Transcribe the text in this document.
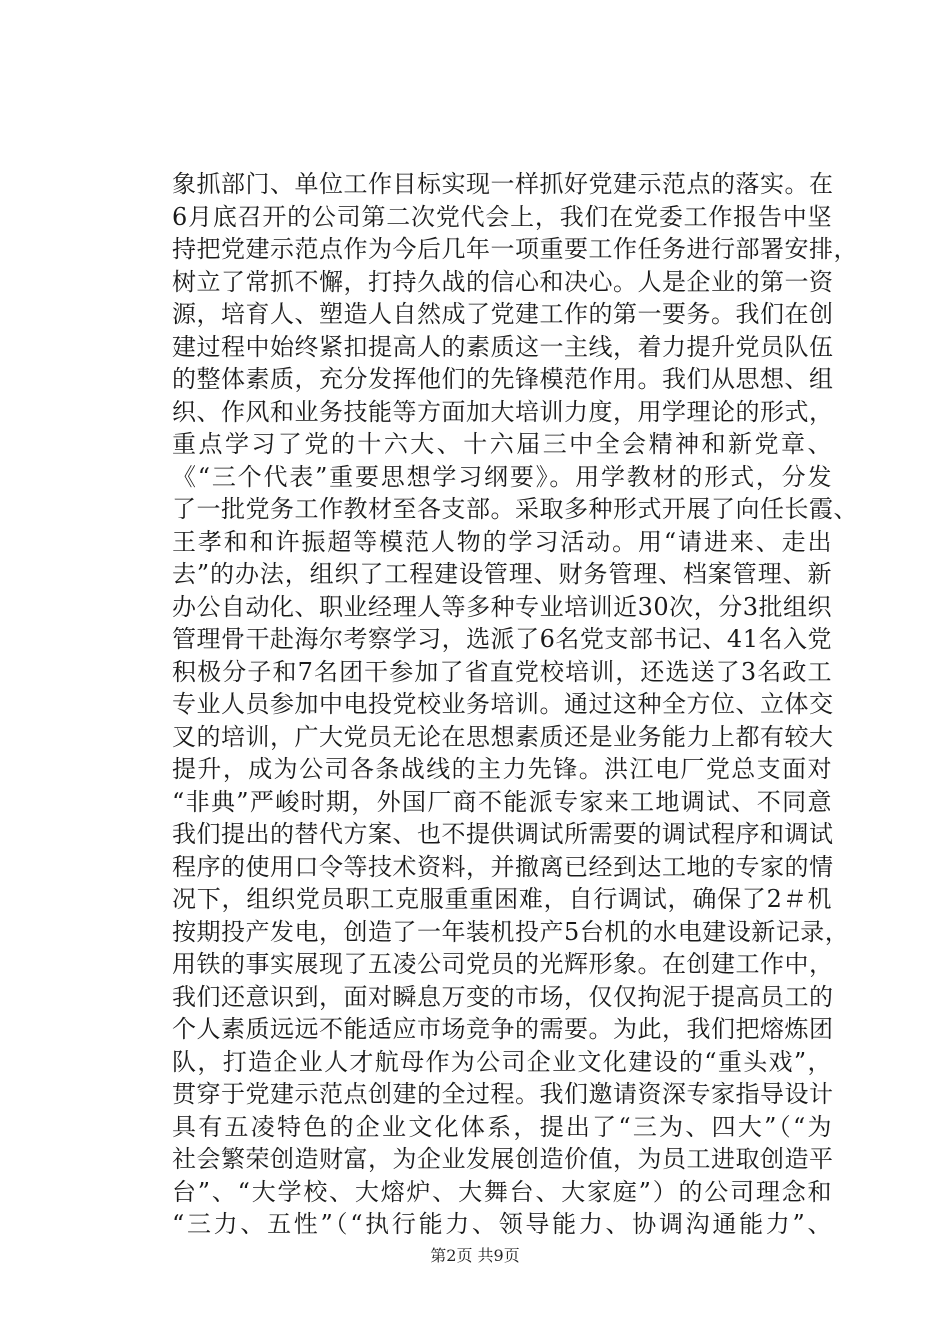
象抓部门、单位工作目标实现一样抓好党建示范点的落实。在
6月底召开的公司第二次党代会上，我们在党委工作报告中坚
持把党建示范点作为今后几年一项重要工作任务进行部署安排，
树立了常抓不懈，打持久战的信心和决心。人是企业的第一资
源，培育人、塑造人自然成了党建工作的第一要务。我们在创
建过程中始终紧扣提高人的素质这一主线，着力提升党员队伍
的整体素质，充分发挥他们的先锋模范作用。我们从思想、组
织、作风和业务技能等方面加大培训力度，用学理论的形式，
重点学习了党的十六大、十六届三中全会精神和新党章、
《“三个代表”重要思想学习纲要》。用学教材的形式，分发
了一批党务工作教材至各支部。采取多种形式开展了向任长霞、
王孝和和许振超等模范人物的学习活动。用“请进来、走出
去”的办法，组织了工程建设管理、财务管理、档案管理、新
办公自动化、职业经理人等多种专业培训近30次，分3批组织
管理骨干赴海尔考察学习，选派了6名党支部书记、41名入党
积极分子和7名团干参加了省直党校培训，还选送了3名政工
专业人员参加中电投党校业务培训。通过这种全方位、立体交
叉的培训，广大党员无论在思想素质还是业务能力上都有较大
提升，成为公司各条战线的主力先锋。洪江电厂党总支面对
“非典”严峻时期，外国厂商不能派专家来工地调试、不同意
我们提出的替代方案、也不提供调试所需要的调试程序和调试
程序的使用口令等技术资料，并撤离已经到达工地的专家的情
况下，组织党员职工克服重重困难，自行调试，确保了2＃机
按期投产发电，创造了一年装机投产5台机的水电建设新记录，
用铁的事实展现了五凌公司党员的光辉形象。在创建工作中，
我们还意识到，面对瞬息万变的市场，仅仅拘泥于提高员工的
个人素质远远不能适应市场竞争的需要。为此，我们把熔炼团
队，打造企业人才航母作为公司企业文化建设的“重头戏”，
贯穿于党建示范点创建的全过程。我们邀请资深专家指导设计
具有五凌特色的企业文化体系，提出了“三为、四大”（“为
社会繁荣创造财富，为企业发展创造价值，为员工进取创造平
台”、“大学校、大熔炉、大舞台、大家庭”）的公司理念和
“三力、五性”（“执行能力、领导能力、协调沟通能力”、
第2页 共9页
